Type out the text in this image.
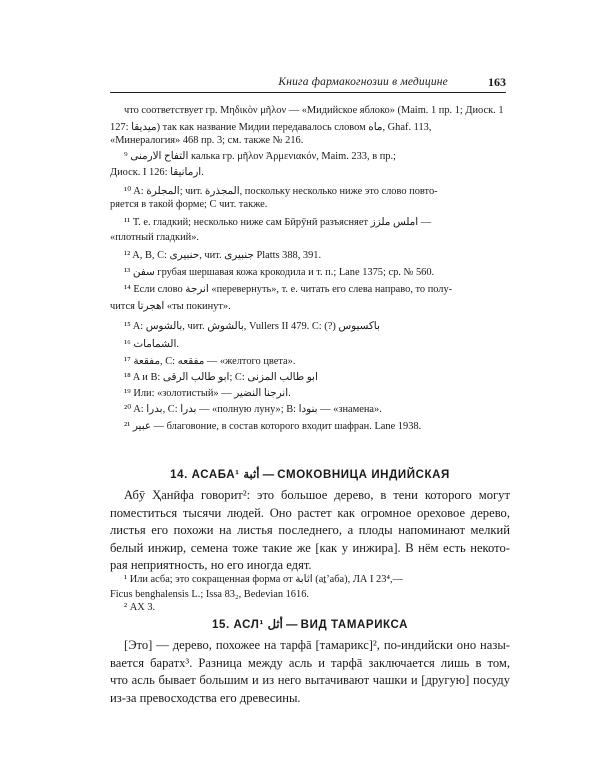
Книга фармакогнозии в медицине	163
что соответствует гр. Μηδικὸν μῆλον — «Мидийское яблоко» (Maim. 1 пр. 1; Диоск. 1
127: ميديقا) так как название Мидии передавалось словом ماه, Ghaf. 113,
«Минералогия» 468 пр. 3; см. также № 216.
⁹ التفاح الارمنى калька гр. μῆλον Ἀρμενιακόν, Maim. 233, в пр.;
Диоск. I 126: ارمانيقا.
¹⁰ A: المجلرة; чит. المجذرة, поскольку несколько ниже это слово повто-
ряется в такой форме; C чит. также.
¹¹ Т. е. гладкий; несколько ниже сам Бӣрӯнӣ разъясняет املس ملزز —
«плотный гладкий».
¹² A, B, C: حنبيرى, чит. جنبيرى Platts 388, 391.
¹³ سفن грубая шершавая кожа крокодила и т. п.; Lane 1375; ср. № 560.
¹⁴ Если слово انرجة «перевернуть», т. е. читать его слева направо, то полу-
чится اهجرتا «ты покинут».
¹⁵ A: بالشوس, чит. بالشوش, Vullers II 479. C: (?) باكسيوس
¹⁶ الشمامات.
¹⁷ مفقعة, C: مفقعه — «желтого цвета».
¹⁸ A и B: ابو طالب الرقى; C: ابو طالب المزنى
¹⁹ Или: «золотистый» — انرجنا النضير.
²⁰ A: بدرا, C: بدرا — «полную луну»; B: بنودا — «знамена».
²¹ عبير — благовоние, в состав которого входит шафран. Lane 1938.
14. АСАБА¹ أثبة — СМОКОВНИЦА ИНДИЙСКАЯ
Абӯ Ҳанӣфа говорит²: это большое дерево, в тени которого могут
поместиться тысячи людей. Оно растет как огромное ореховое дерево,
листья его похожи на листья последнего, а плоды напоминают мелкий
белый инжир, семена тоже такие же [как у инжира]. В нём есть некото-
рая неприятность, но его иногда едят.
¹ Или асба; это сокращенная форма от اثابة (аṯʼаба), ЛА I 23⁴,—
Ficus benghalensis L.; Issa 83₂, Bedevian 1616.
² АХ 3.
15. АСЛ¹ أثل — ВИД ТАМАРИКСА
[Это] — дерево, похожее на тарфā [тамарикс]², по-индийски оно назы-
вается баратх³. Разница между асль и тарфā заключается лишь в том,
что асль бывает большим и из него вытачивают чашки и [другую] посуду
из-за превосходства его древесины.
